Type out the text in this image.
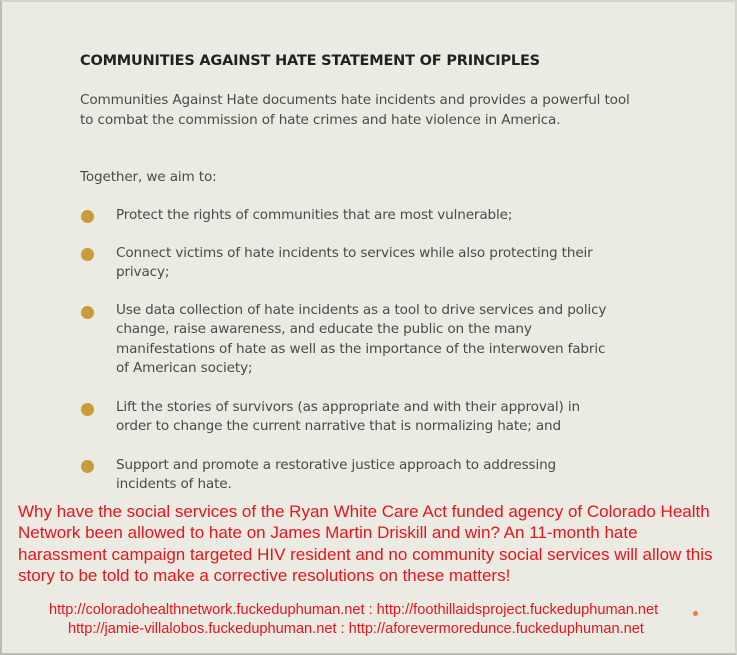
COMMUNITIES AGAINST HATE STATEMENT OF PRINCIPLES

Communities Against Hate documents hate incidents and provides a powerful tool to combat the commission of hate crimes and hate violence in America.

Together, we aim to:

Protect the rights of communities that are most vulnerable;

Connect victims of hate incidents to services while also protecting their privacy;

Use data collection of hate incidents as a tool to drive services and policy change, raise awareness, and educate the public on the many manifestations of hate as well as the importance of the interwoven fabric of American society;

Lift the stories of survivors (as appropriate and with their approval) in order to change the current narrative that is normalizing hate; and

Support and promote a restorative justice approach to addressing incidents of hate.

Why have the social services of the Ryan White Care Act funded agency of Colorado Health Network been allowed to hate on James Martin Driskill and win? An 11-month hate harassment campaign targeted HIV resident and no community social services will allow this story to be told to make a corrective resolutions on these matters!

http://coloradohealthnetwork.fuckeduphuman.net : http://foothillaidsproject.fuckeduphuman.net
http://jamie-villalobos.fuckeduphuman.net : http://aforevermoredunce.fuckeduphuman.net
